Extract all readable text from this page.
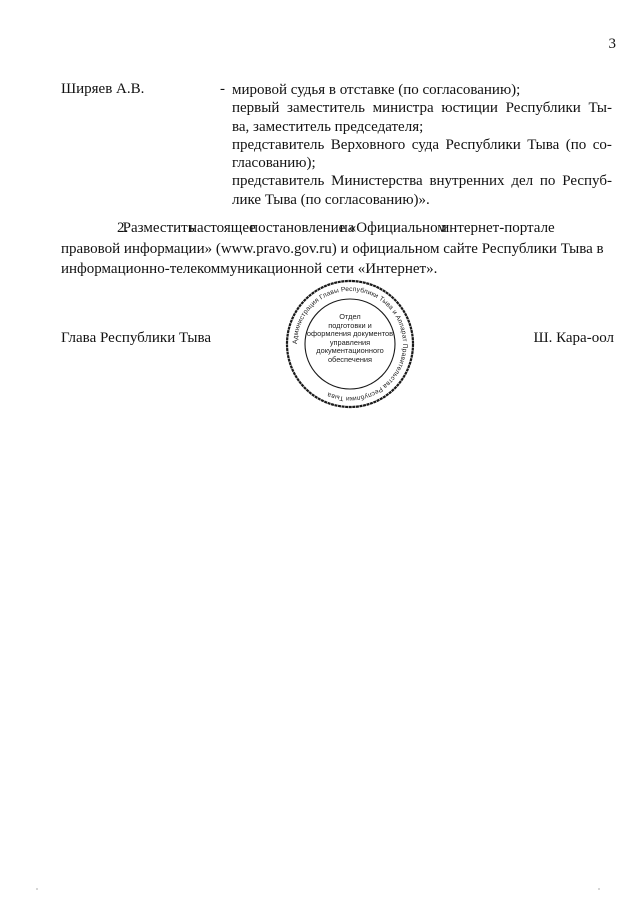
3
Ширяев А.В.	- мировой судья в отставке (по согласованию);
первый заместитель министра юстиции Республики Ты-
ва, заместитель председателя;
представитель Верховного суда Республики Тыва (по со-
гласованию);
представитель Министерства внутренних дел по Респуб-
лике Тыва (по согласованию)».
2. Разместить настоящее постановление на «Официальном интернет-портале
правовой информации» (www.pravo.gov.ru) и официальном сайте Республики Тыва в
информационно-телекоммуникационной сети «Интернет».
Глава Республики Тыва	Ш. Кара-оол
Администрация Главы Республики Тыва и Аппарат Правительства Республики Тыва
Отдел
подготовки и
оформления документов
управления
документационного
обеспечения
